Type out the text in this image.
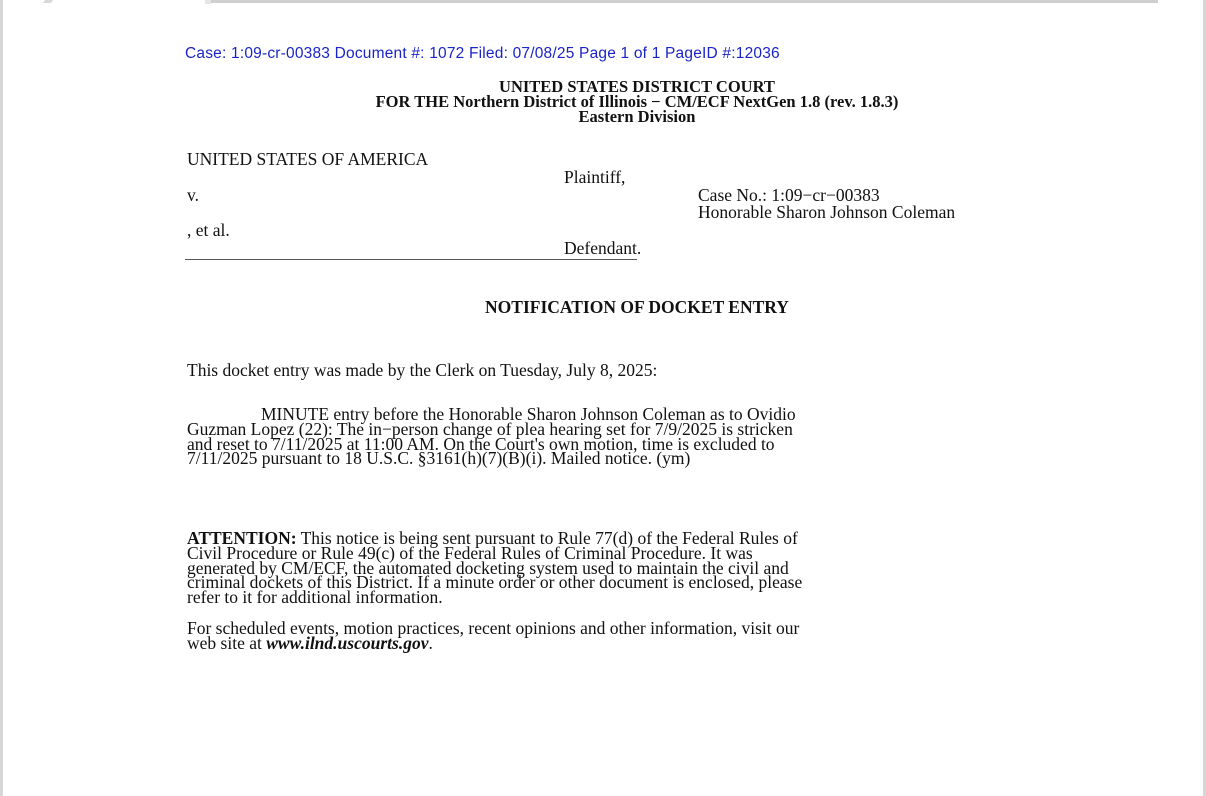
Case: 1:09-cr-00383 Document #: 1072 Filed: 07/08/25 Page 1 of 1 PageID #:12036
UNITED STATES DISTRICT COURT
FOR THE Northern District of Illinois − CM/ECF NextGen 1.8 (rev. 1.8.3)
Eastern Division
UNITED STATES OF AMERICA
Plaintiff,
v.	Case No.: 1:09−cr−00383
Honorable Sharon Johnson Coleman
, et al.
Defendant.
NOTIFICATION OF DOCKET ENTRY
This docket entry was made by the Clerk on Tuesday, July 8, 2025:
MINUTE entry before the Honorable Sharon Johnson Coleman as to Ovidio
Guzman Lopez (22): The in−person change of plea hearing set for 7/9/2025 is stricken
and reset to 7/11/2025 at 11:00 AM. On the Court's own motion, time is excluded to
7/11/2025 pursuant to 18 U.S.C. §3161(h)(7)(B)(i). Mailed notice. (ym)
ATTENTION: This notice is being sent pursuant to Rule 77(d) of the Federal Rules of
Civil Procedure or Rule 49(c) of the Federal Rules of Criminal Procedure. It was
generated by CM/ECF, the automated docketing system used to maintain the civil and
criminal dockets of this District. If a minute order or other document is enclosed, please
refer to it for additional information.
For scheduled events, motion practices, recent opinions and other information, visit our
web site at www.ilnd.uscourts.gov.
